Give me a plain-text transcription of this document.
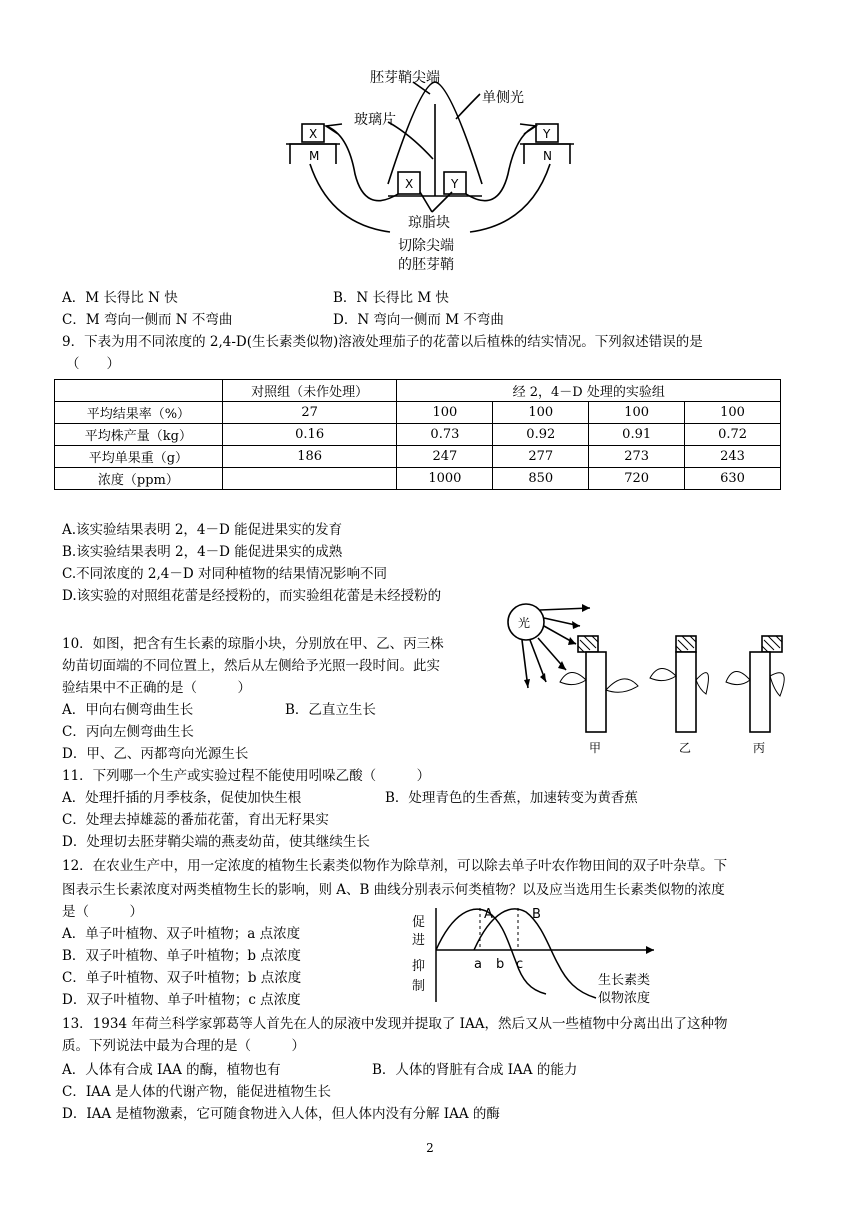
胚芽鞘尖端
单侧光
玻璃片
琼脂块
切除尖端
的胚芽鞘
X	Y
X	Y
M	N
A．M 长得比 N 快	B．N 长得比 M 快
C．M 弯向一侧而 N 不弯曲	D．N 弯向一侧而 M 不弯曲
9．下表为用不同浓度的 2,4-D(生长素类似物)溶液处理茄子的花蕾以后植株的结实情况。下列叙述错误的是
（　　）
	对照组（未作处理）	经 2，4－D 处理的实验组			
平均结果率（%）	27	100	100	100	100
平均株产量（kg）	0.16	0.73	0.92	0.91	0.72
平均单果重（g）	186	247	277	273	243
浓度（ppm）		1000	850	720	630
A.该实验结果表明 2，4－D 能促进果实的发育
B.该实验结果表明 2，4－D 能促进果实的成熟
C.不同浓度的 2,4－D 对同种植物的结果情况影响不同
D.该实验的对照组花蕾是经授粉的，而实验组花蕾是未经授粉的
10．如图，把含有生长素的琼脂小块，分别放在甲、乙、丙三株
幼苗切面端的不同位置上，然后从左侧给予光照一段时间。此实
验结果中不正确的是（　　　）
A．甲向右侧弯曲生长	B．乙直立生长
C．丙向左侧弯曲生长
D．甲、乙、丙都弯向光源生长
光
甲	乙	丙
11．下列哪一个生产或实验过程不能使用吲哚乙酸（　　　）
A．处理扦插的月季枝条，促使加快生根	B．处理青色的生香蕉，加速转变为黄香蕉
C．处理去掉雄蕊的番茄花蕾，育出无籽果实
D．处理切去胚芽鞘尖端的燕麦幼苗，使其继续生长
12．在农业生产中，用一定浓度的植物生长素类似物作为除草剂，可以除去单子叶农作物田间的双子叶杂草。下
图表示生长素浓度对两类植物生长的影响，则 A、B 曲线分别表示何类植物？以及应当选用生长素类似物的浓度
是（　　　）
A．单子叶植物、双子叶植物；a 点浓度
B．双子叶植物、单子叶植物；b 点浓度
C．单子叶植物、双子叶植物；b 点浓度
D．双子叶植物、单子叶植物；c 点浓度
促
进
抑
制
A	B
a b c
生长素类
似物浓度
13．1934 年荷兰科学家郭葛等人首先在人的尿液中发现并提取了 IAA，然后又从一些植物中分离出出了这种物
质。下列说法中最为合理的是（　　　）
A．人体有合成 IAA 的酶，植物也有	B．人体的肾脏有合成 IAA 的能力
C．IAA 是人体的代谢产物，能促进植物生长
D．IAA 是植物激素，它可随食物进入人体，但人体内没有分解 IAA 的酶
2
